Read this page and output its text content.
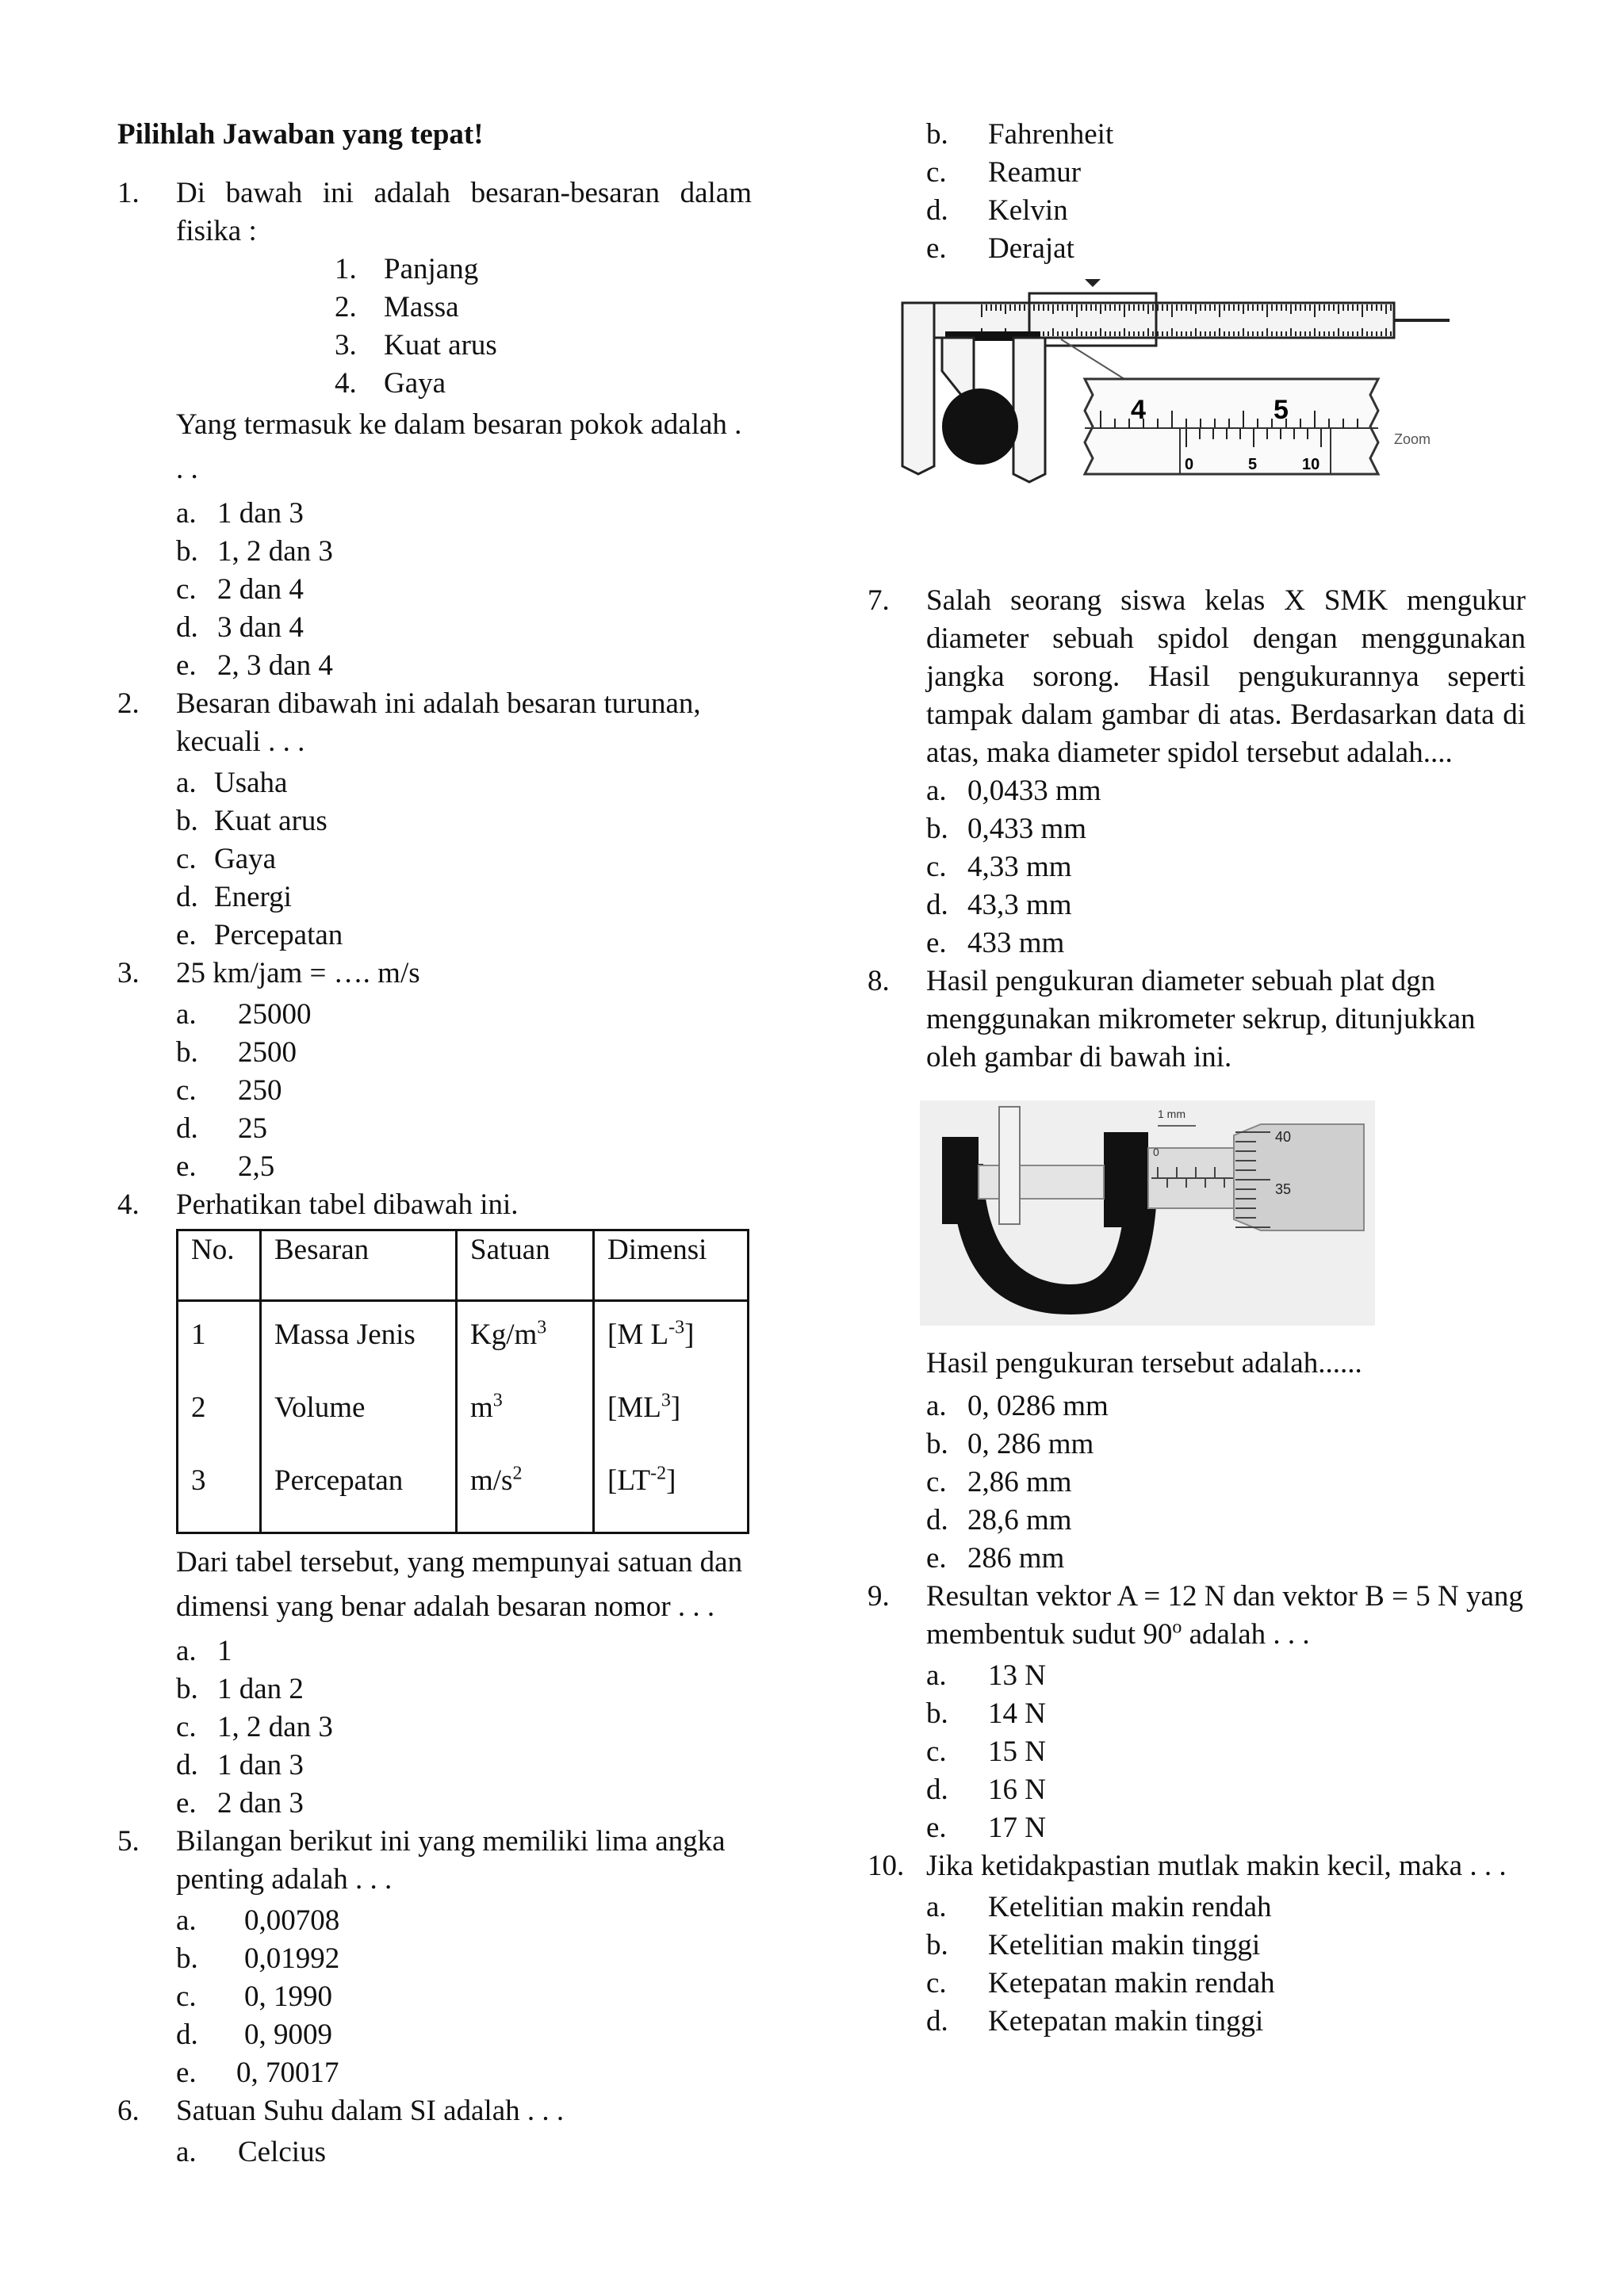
Pilihlah Jawaban yang tepat!
1. Di bawah ini adalah besaran-besaran dalam fisika :
1. Panjang
2. Massa
3. Kuat arus
4. Gaya
Yang termasuk ke dalam besaran pokok adalah . . .
a. 1 dan 3
b. 1, 2 dan 3
c. 2 dan 4
d. 3 dan 4
e. 2, 3 dan 4
2. Besaran dibawah ini adalah besaran turunan, kecuali . . .
a. Usaha
b. Kuat arus
c. Gaya
d. Energi
e. Percepatan
3. 25 km/jam = …. m/s
a.	25000
b.	2500
c.	250
d.	25
e.	2,5
4. Perhatikan tabel dibawah ini.
No.	Besaran	Satuan	Dimensi
1	Massa Jenis	$Kg/m^3$	[M $L^{-3}$]
2	Volume	$m^3$	$[ML^3]$
3	Percepatan	$m/s^2$	$[LT^{-2}]$
Dari tabel tersebut, yang mempunyai satuan dan dimensi yang benar adalah besaran nomor . . .
a. 1
b. 1 dan 2
c. 1, 2 dan 3
d. 1 dan 3
e. 2 dan 3
5. Bilangan berikut ini yang memiliki lima angka penting adalah . . .
a.	0,00708
b.	0,01992
c.	0, 1990
d.	0, 9009
e.	0, 70017
6. Satuan Suhu dalam SI adalah . . .
a.	Celcius
b.	Fahrenheit
c.	Reamur
d.	Kelvin
e.	Derajat
4	5
Zoom
0	5	10
7. Salah seorang siswa kelas X SMK mengukur diameter sebuah spidol dengan menggunakan jangka sorong. Hasil pengukurannya seperti tampak dalam gambar di atas. Berdasarkan data di atas, maka diameter spidol tersebut adalah....
a. 0,0433 mm
b. 0,433 mm
c. 4,33 mm
d. 43,3 mm
e. 433 mm
8. Hasil pengukuran diameter sebuah plat dgn menggunakan mikrometer sekrup, ditunjukkan oleh gambar di bawah ini.
1 mm
0
40
35
Hasil pengukuran tersebut adalah......
a. 0, 0286 mm
b. 0, 286 mm
c. 2,86 mm
d. 28,6 mm
e. 286 mm
9. Resultan vektor A = 12 N dan vektor B = 5 N yang membentuk sudut 90$^o$ adalah . . .
a.	13 N
b.	14 N
c.	15 N
d.	16 N
e.	17 N
10. Jika ketidakpastian mutlak makin kecil, maka . . .
a.	Ketelitian makin rendah
b.	Ketelitian makin tinggi
c.	Ketepatan makin rendah
d.	Ketepatan makin tinggi
